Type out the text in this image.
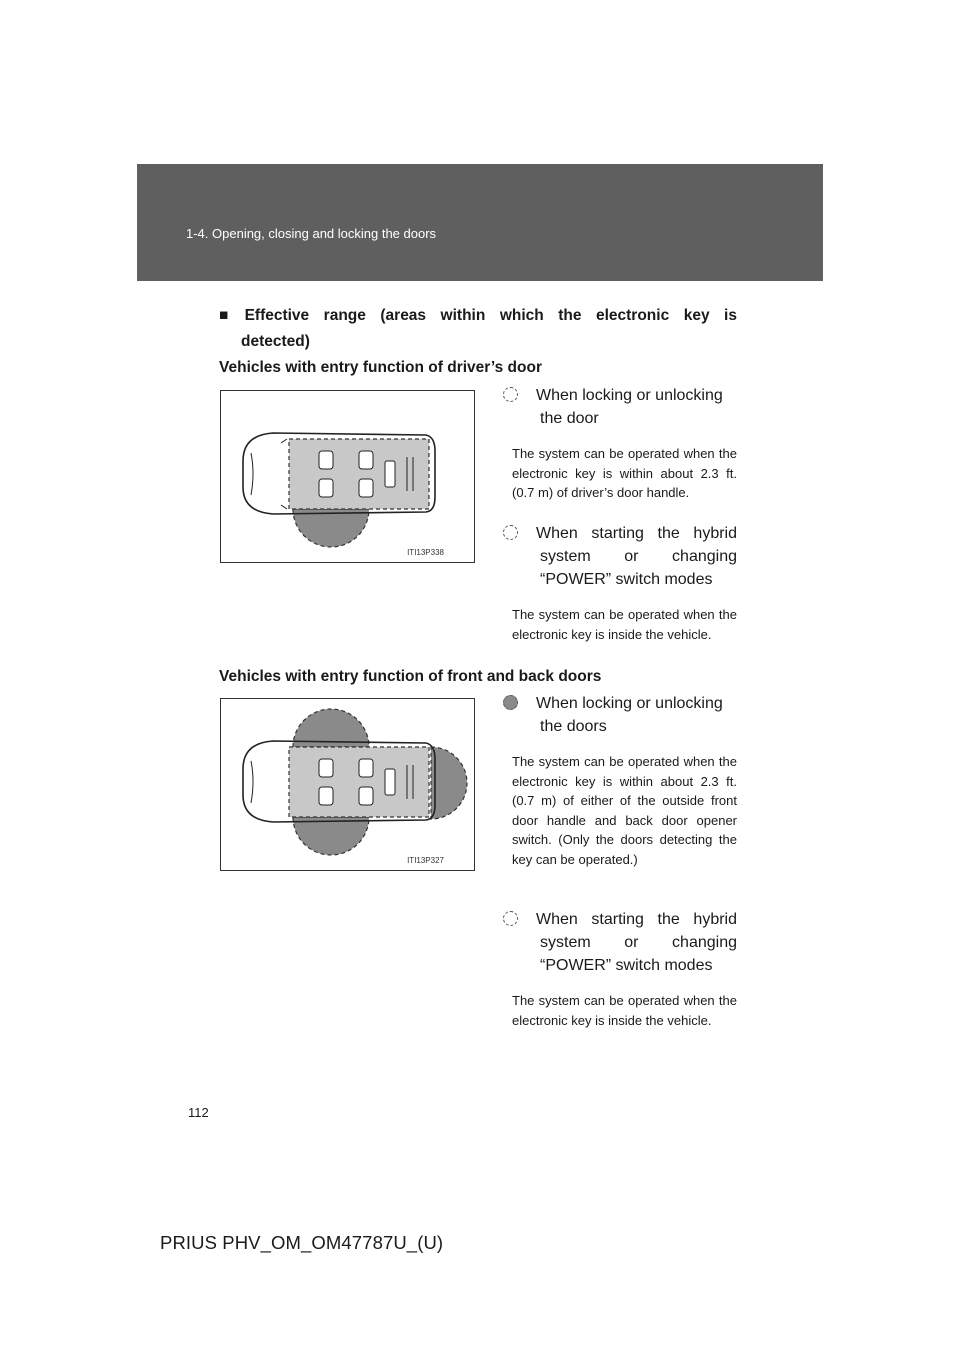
1-4. Opening, closing and locking the doors

■ Effective range (areas within which the electronic key is
detected)

Vehicles with entry function of driver’s door

ITI13P338

When locking or unlocking
the door

The system can be operated when the electronic key is within about 2.3 ft. (0.7 m) of driver’s door handle.

When starting the hybrid
system or changing
“POWER” switch modes

The system can be operated when the electronic key is inside the vehicle.

Vehicles with entry function of front and back doors

ITI13P327

When locking or unlocking
the doors

The system can be operated when the electronic key is within about 2.3 ft. (0.7 m) of either of the outside front door handle and back door opener switch. (Only the doors detecting the key can be operated.)

When starting the hybrid
system or changing
“POWER” switch modes

The system can be operated when the electronic key is inside the vehicle.

112
PRIUS PHV_OM_OM47787U_(U)
